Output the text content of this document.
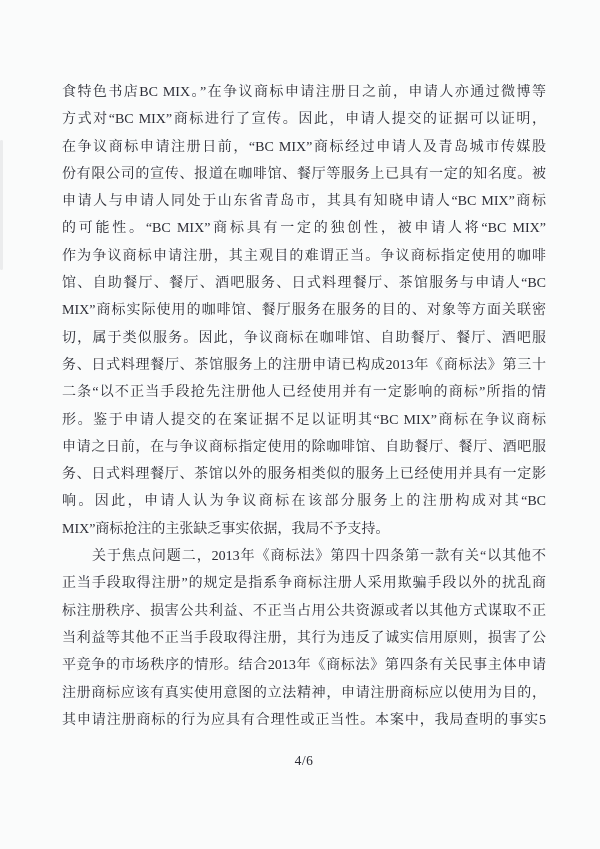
食特色书店BC MIX。”在争议商标申请注册日之前，申请人亦通过微博等
方式对“BC MIX”商标进行了宣传。因此，申请人提交的证据可以证明，
在争议商标申请注册日前，“BC MIX”商标经过申请人及青岛城市传媒股
份有限公司的宣传、报道在咖啡馆、餐厅等服务上已具有一定的知名度。被
申请人与申请人同处于山东省青岛市，其具有知晓申请人“BC MIX”商标
的可能性。“BC MIX”商标具有一定的独创性，被申请人将“BC MIX”
作为争议商标申请注册，其主观目的难谓正当。争议商标指定使用的咖啡
馆、自助餐厅、餐厅、酒吧服务、日式料理餐厅、茶馆服务与申请人“BC
MIX”商标实际使用的咖啡馆、餐厅服务在服务的目的、对象等方面关联密
切，属于类似服务。因此，争议商标在咖啡馆、自助餐厅、餐厅、酒吧服
务、日式料理餐厅、茶馆服务上的注册申请已构成2013年《商标法》第三十
二条“以不正当手段抢先注册他人已经使用并有一定影响的商标”所指的情
形。鉴于申请人提交的在案证据不足以证明其“BC MIX”商标在争议商标
申请之日前，在与争议商标指定使用的除咖啡馆、自助餐厅、餐厅、酒吧服
务、日式料理餐厅、茶馆以外的服务相类似的服务上已经使用并具有一定影
响。因此，申请人认为争议商标在该部分服务上的注册构成对其“BC
MIX”商标抢注的主张缺乏事实依据，我局不予支持。
关于焦点问题二，2013年《商标法》第四十四条第一款有关“以其他不
正当手段取得注册”的规定是指系争商标注册人采用欺骗手段以外的扰乱商
标注册秩序、损害公共利益、不正当占用公共资源或者以其他方式谋取不正
当利益等其他不正当手段取得注册，其行为违反了诚实信用原则，损害了公
平竞争的市场秩序的情形。结合2013年《商标法》第四条有关民事主体申请
注册商标应该有真实使用意图的立法精神，申请注册商标应以使用为目的，
其申请注册商标的行为应具有合理性或正当性。本案中，我局查明的事实5
4/6
